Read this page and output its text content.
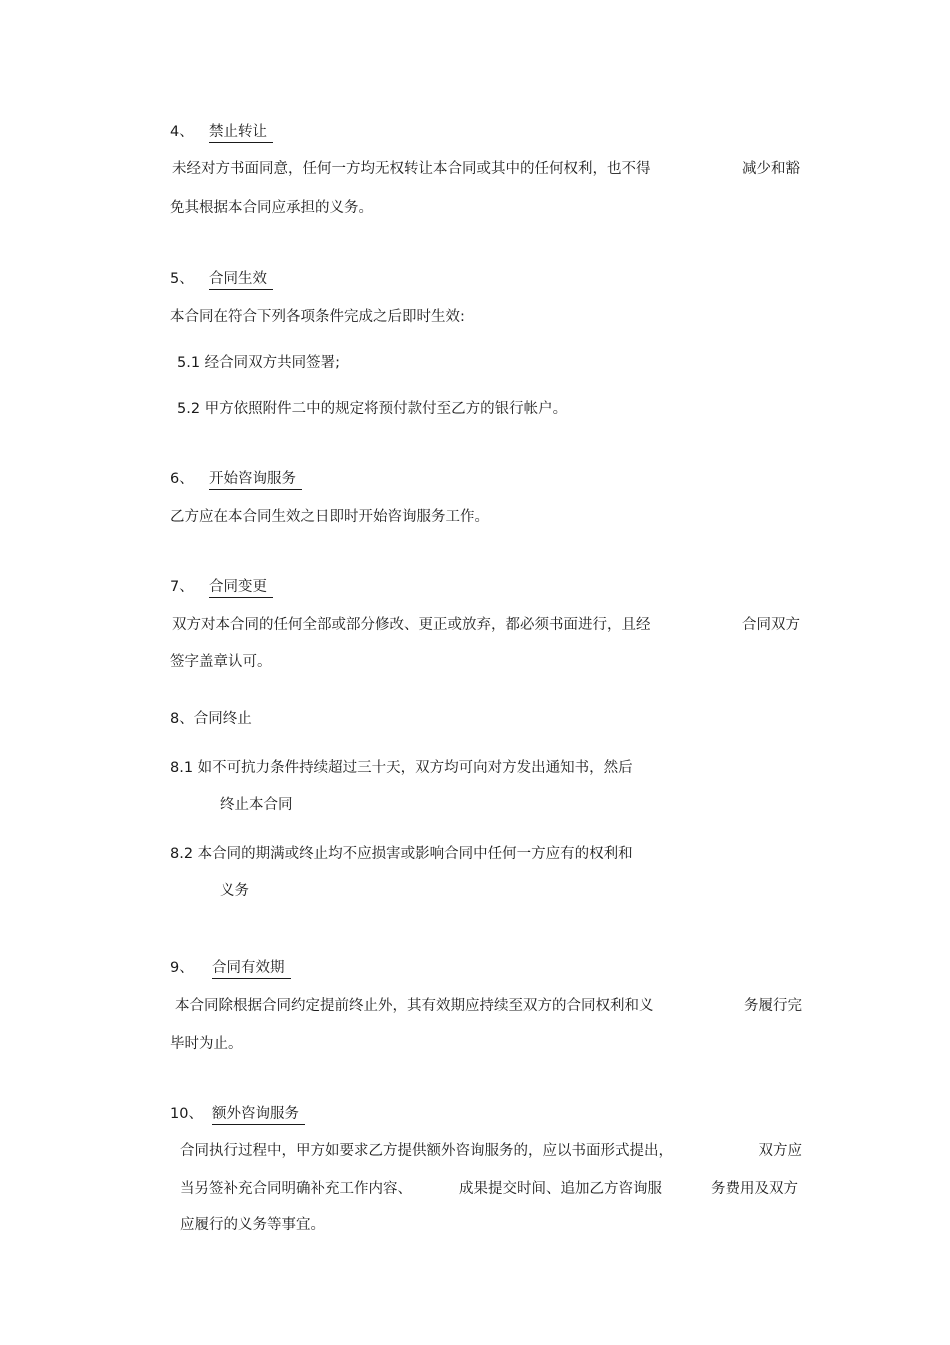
4、 禁止转让
未经对方书面同意，任何一方均无权转让本合同或其中的任何权利，也不得	减少和豁
免其根据本合同应承担的义务。
5、 合同生效
本合同在符合下列各项条件完成之后即时生效:
5.1 经合同双方共同签署;
5.2 甲方依照附件二中的规定将预付款付至乙方的银行帐户。
6、 开始咨询服务
乙方应在本合同生效之日即时开始咨询服务工作。
7、 合同变更
双方对本合同的任何全部或部分修改、更正或放弃，都必须书面进行，且经	合同双方
签字盖章认可。
8、合同终止
8.1 如不可抗力条件持续超过三十天，双方均可向对方发出通知书，然后
终止本合同
8.2 本合同的期满或终止均不应损害或影响合同中任何一方应有的权利和
义务
9、 合同有效期
本合同除根据合同约定提前终止外，其有效期应持续至双方的合同权利和义	务履行完
毕时为止。
10、 额外咨询服务
合同执行过程中，甲方如要求乙方提供额外咨询服务的，应以书面形式提出，	双方应
当另签补充合同明确补充工作内容、	成果提交时间、追加乙方咨询服	务费用及双方
应履行的义务等事宜。
